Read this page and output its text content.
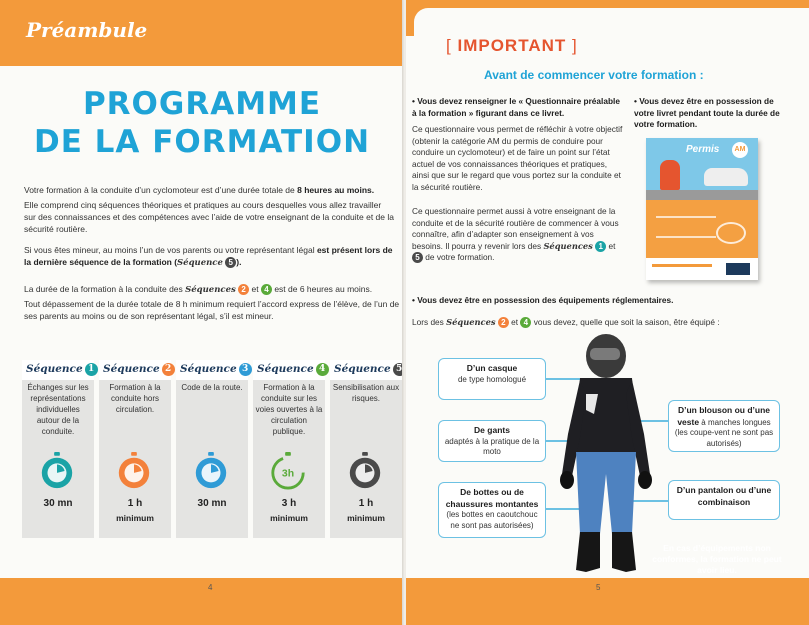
Préambule
PROGRAMME
DE LA FORMATION
Votre formation à la conduite d’un cyclomoteur est d’une durée totale de 8 heures au moins.
Elle comprend cinq séquences théoriques et pratiques au cours desquelles vous allez travailler sur des connaissances et des compétences avec l’aide de votre enseignant de la conduite et de la sécurité routière.
Si vous êtes mineur, au moins l’un de vos parents ou votre représentant légal est présent lors de la dernière séquence de la formation (Séquence 5 ).
La durée de la formation à la conduite des Séquences 2 et 4 est de 6 heures au moins.
Tout dépassement de la durée totale de 8 h minimum requiert l’accord express de l’élève, de l’un de ses parents au moins ou de son représentant légal, s’il est mineur.
Séquence 1
Échanges sur les représentations individuelles autour de la conduite.
30 mn
Séquence 2
Formation à la conduite hors circulation.
1 h
minimum
Séquence 3
Code de la route.
30 mn
Séquence 4
Formation à la conduite sur les voies ouvertes à la circulation publique.
3h
3 h
minimum
Séquence 5
Sensibilisation aux risques.
1 h
minimum
4
[ IMPORTANT ]
Avant de commencer votre formation :
• Vous devez renseigner le « Questionnaire préalable à la formation » figurant dans ce livret.
Ce questionnaire vous permet de réfléchir à votre objectif (obtenir la catégorie AM du permis de conduire pour conduire un cyclomoteur) et de faire un point sur l’état actuel de vos connaissances théoriques et pratiques, ainsi que sur le regard que vous portez sur la conduite et la sécurité routière.
Ce questionnaire permet aussi à votre enseignant de la conduite et de la sécurité routière de commencer à vous connaître, afin d’adapter son enseignement à vos besoins. Il pourra y revenir lors des Séquences 1 et 5 de votre formation.
• Vous devez être en possession de votre livret pendant toute la durée de votre formation.
Permis	AM
• Vous devez être en possession des équipements réglementaires.
Lors des Séquences 2 et 4 vous devez, quelle que soit la saison, être équipé :
D’un casque
de type homologué
De gants
adaptés à la pratique de la moto
De bottes ou de chaussures montantes
(les bottes en caoutchouc ne sont pas autorisées)
D’un blouson ou d’une veste à manches longues
(les coupe-vent ne sont pas autorisés)
D’un pantalon ou d’une combinaison
En cas d’équipements non conformes, la formation ne peut avoir lieu.
5
